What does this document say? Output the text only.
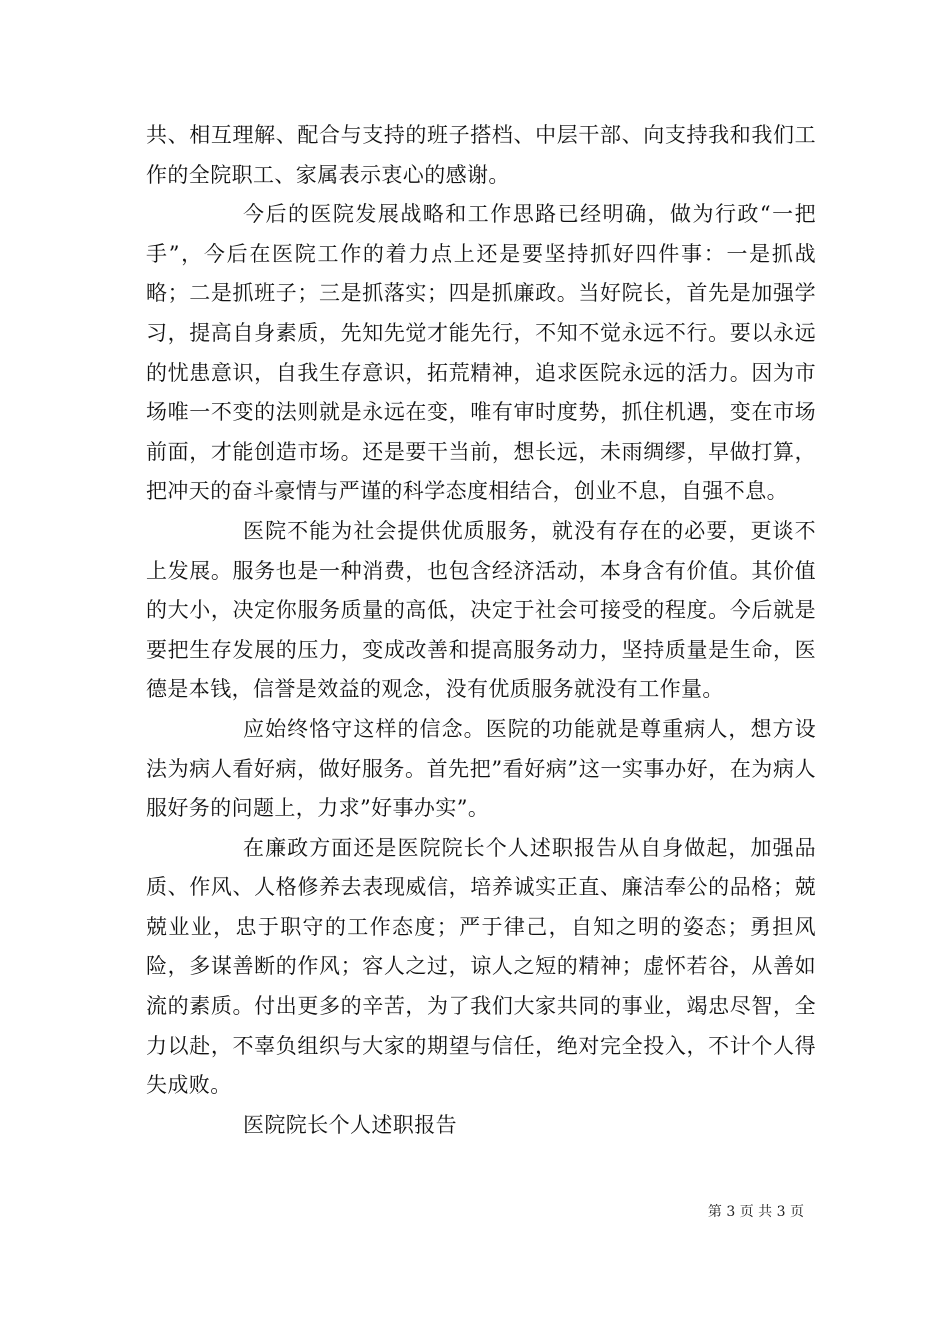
共、相互理解、配合与支持的班子搭档、中层干部、向支持我和我们工作的全院职工、家属表示衷心的感谢。

今后的医院发展战略和工作思路已经明确，做为行政“一把手”，今后在医院工作的着力点上还是要坚持抓好四件事：一是抓战略；二是抓班子；三是抓落实；四是抓廉政。当好院长，首先是加强学习，提高自身素质，先知先觉才能先行，不知不觉永远不行。要以永远的忧患意识，自我生存意识，拓荒精神，追求医院永远的活力。因为市场唯一不变的法则就是永远在变，唯有审时度势，抓住机遇，变在市场前面，才能创造市场。还是要干当前，想长远，未雨绸缪，早做打算，把冲天的奋斗豪情与严谨的科学态度相结合，创业不息，自强不息。

医院不能为社会提供优质服务，就没有存在的必要，更谈不上发展。服务也是一种消费，也包含经济活动，本身含有价值。其价值的大小，决定你服务质量的高低，决定于社会可接受的程度。今后就是要把生存发展的压力，变成改善和提高服务动力，坚持质量是生命，医德是本钱，信誉是效益的观念，没有优质服务就没有工作量。

应始终恪守这样的信念。医院的功能就是尊重病人，想方设法为病人看好病，做好服务。首先把”看好病”这一实事办好，在为病人服好务的问题上，力求”好事办实”。

在廉政方面还是医院院长个人述职报告从自身做起，加强品质、作风、人格修养去表现威信，培养诚实正直、廉洁奉公的品格；兢兢业业，忠于职守的工作态度；严于律己，自知之明的姿态；勇担风险，多谋善断的作风；容人之过，谅人之短的精神；虚怀若谷，从善如流的素质。付出更多的辛苦，为了我们大家共同的事业，竭忠尽智，全力以赴，不辜负组织与大家的期望与信任，绝对完全投入，不计个人得失成败。

医院院长个人述职报告

第 3 页 共 3 页
